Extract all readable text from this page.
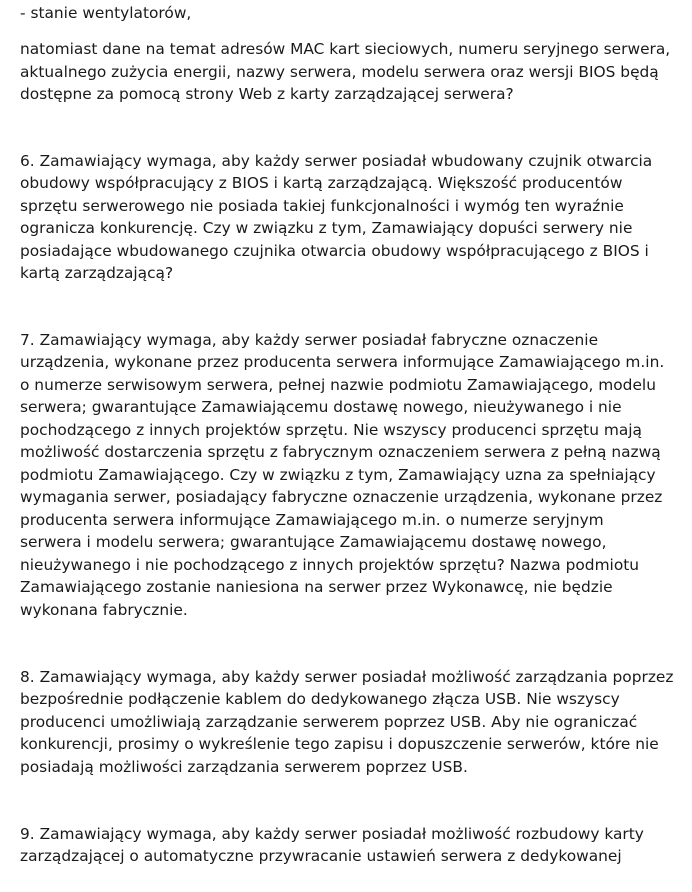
- stanie wentylatorów,
natomiast dane na temat adresów MAC kart sieciowych, numeru seryjnego serwera,
aktualnego zużycia energii, nazwy serwera, modelu serwera oraz wersji BIOS będą
dostępne za pomocą strony Web z karty zarządzającej serwera?
6. Zamawiający wymaga, aby każdy serwer posiadał wbudowany czujnik otwarcia
obudowy współpracujący z BIOS i kartą zarządzającą. Większość producentów
sprzętu serwerowego nie posiada takiej funkcjonalności i wymóg ten wyraźnie
ogranicza konkurencję. Czy w związku z tym, Zamawiający dopuści serwery nie
posiadające wbudowanego czujnika otwarcia obudowy współpracującego z BIOS i
kartą zarządzającą?
7. Zamawiający wymaga, aby każdy serwer posiadał fabryczne oznaczenie
urządzenia, wykonane przez producenta serwera informujące Zamawiającego m.in.
o numerze serwisowym serwera, pełnej nazwie podmiotu Zamawiającego, modelu
serwera; gwarantujące Zamawiającemu dostawę nowego, nieużywanego i nie
pochodzącego z innych projektów sprzętu. Nie wszyscy producenci sprzętu mają
możliwość dostarczenia sprzętu z fabrycznym oznaczeniem serwera z pełną nazwą
podmiotu Zamawiającego. Czy w związku z tym, Zamawiający uzna za spełniający
wymagania serwer, posiadający fabryczne oznaczenie urządzenia, wykonane przez
producenta serwera informujące Zamawiającego m.in. o numerze seryjnym
serwera i modelu serwera; gwarantujące Zamawiającemu dostawę nowego,
nieużywanego i nie pochodzącego z innych projektów sprzętu? Nazwa podmiotu
Zamawiającego zostanie naniesiona na serwer przez Wykonawcę, nie będzie
wykonana fabrycznie.
8. Zamawiający wymaga, aby każdy serwer posiadał możliwość zarządzania poprzez
bezpośrednie podłączenie kablem do dedykowanego złącza USB. Nie wszyscy
producenci umożliwiają zarządzanie serwerem poprzez USB. Aby nie ograniczać
konkurencji, prosimy o wykreślenie tego zapisu i dopuszczenie serwerów, które nie
posiadają możliwości zarządzania serwerem poprzez USB.
9. Zamawiający wymaga, aby każdy serwer posiadał możliwość rozbudowy karty
zarządzającej o automatyczne przywracanie ustawień serwera z dedykowanej
